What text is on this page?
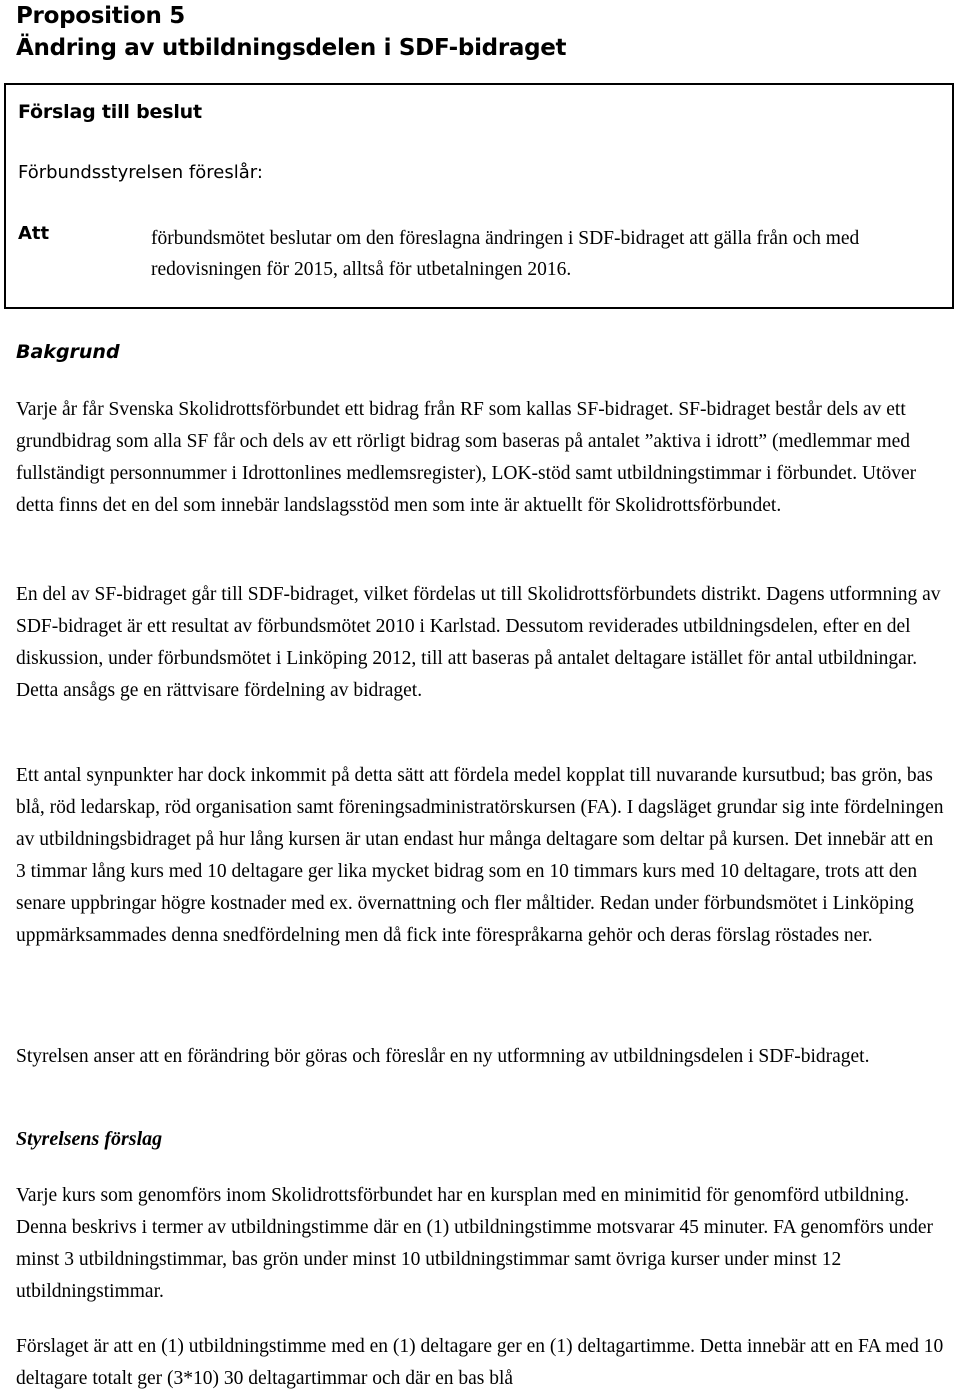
Proposition 5
Ändring av utbildningsdelen i SDF-bidraget
Förslag till beslut

Förbundsstyrelsen föreslår:

Att	förbundsmötet beslutar om den föreslagna ändringen i SDF-bidraget att gälla från och med redovisningen för 2015, alltså för utbetalningen 2016.

Bakgrund

Varje år får Svenska Skolidrottsförbundet ett bidrag från RF som kallas SF-bidraget. SF-bidraget består dels av ett grundbidrag som alla SF får och dels av ett rörligt bidrag som baseras på antalet ”aktiva i idrott” (medlemmar med fullständigt personnummer i Idrottonlines medlemsregister), LOK-stöd samt utbildningstimmar i förbundet. Utöver detta finns det en del som innebär landslagsstöd men som inte är aktuellt för Skolidrottsförbundet.

En del av SF-bidraget går till SDF-bidraget, vilket fördelas ut till Skolidrottsförbundets distrikt. Dagens utformning av SDF-bidraget är ett resultat av förbundsmötet 2010 i Karlstad. Dessutom reviderades utbildningsdelen, efter en del diskussion, under förbundsmötet i Linköping 2012, till att baseras på antalet deltagare istället för antal utbildningar. Detta ansågs ge en rättvisare fördelning av bidraget.

Ett antal synpunkter har dock inkommit på detta sätt att fördela medel kopplat till nuvarande kursutbud; bas grön, bas blå, röd ledarskap, röd organisation samt föreningsadministratörskursen (FA). I dagsläget grundar sig inte fördelningen av utbildningsbidraget på hur lång kursen är utan endast hur många deltagare som deltar på kursen. Det innebär att en 3 timmar lång kurs med 10 deltagare ger lika mycket bidrag som en 10 timmars kurs med 10 deltagare, trots att den senare uppbringar högre kostnader med ex. övernattning och fler måltider. Redan under förbundsmötet i Linköping uppmärksammades denna snedfördelning men då fick inte förespråkarna gehör och deras förslag röstades ner.

Styrelsen anser att en förändring bör göras och föreslår en ny utformning av utbildningsdelen i SDF-bidraget.

Styrelsens förslag

Varje kurs som genomförs inom Skolidrottsförbundet har en kursplan med en minimitid för genomförd utbildning. Denna beskrivs i termer av utbildningstimme där en (1) utbildningstimme motsvarar 45 minuter. FA genomförs under minst 3 utbildningstimmar, bas grön under minst 10 utbildningstimmar samt övriga kurser under minst 12 utbildningstimmar.

Förslaget är att en (1) utbildningstimme med en (1) deltagare ger en (1) deltagartimme. Detta innebär att en FA med 10 deltagare totalt ger (3*10) 30 deltagartimmar och där en bas blå
